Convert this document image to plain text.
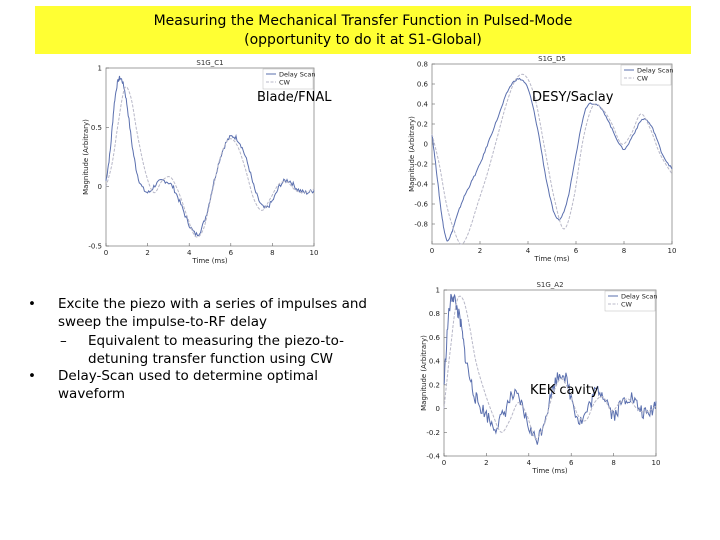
Measuring the Mechanical Transfer Function in Pulsed-Mode
(opportunity to do it at S1-Global)
S1G_C1
-0.5
0
0.5
1
0	2	4	6	8	10
Time (ms)
Magnitude (Arbitrary)
Delay Scan
CW
Blade/FNAL
S1G_D5
-0.8
-0.6
-0.4
-0.2
0
0.2
0.4
0.6
0.8
0	2	4	6	8	10
Time (ms)
Magnitude (Arbitrary)
Delay Scan
CW
DESY/Saclay
S1G_A2
-0.4
-0.2
0
0.2
0.4
0.6
0.8
1
0	2	4	6	8	10
Time (ms)
Magnitude (Arbitrary)
Delay Scan
CW
KEK cavity
• Excite the piezo with a series of impulses and sweep the impulse-to-RF delay
– Equivalent to measuring the piezo-to-detuning transfer function using CW
• Delay-Scan used to determine optimal waveform
